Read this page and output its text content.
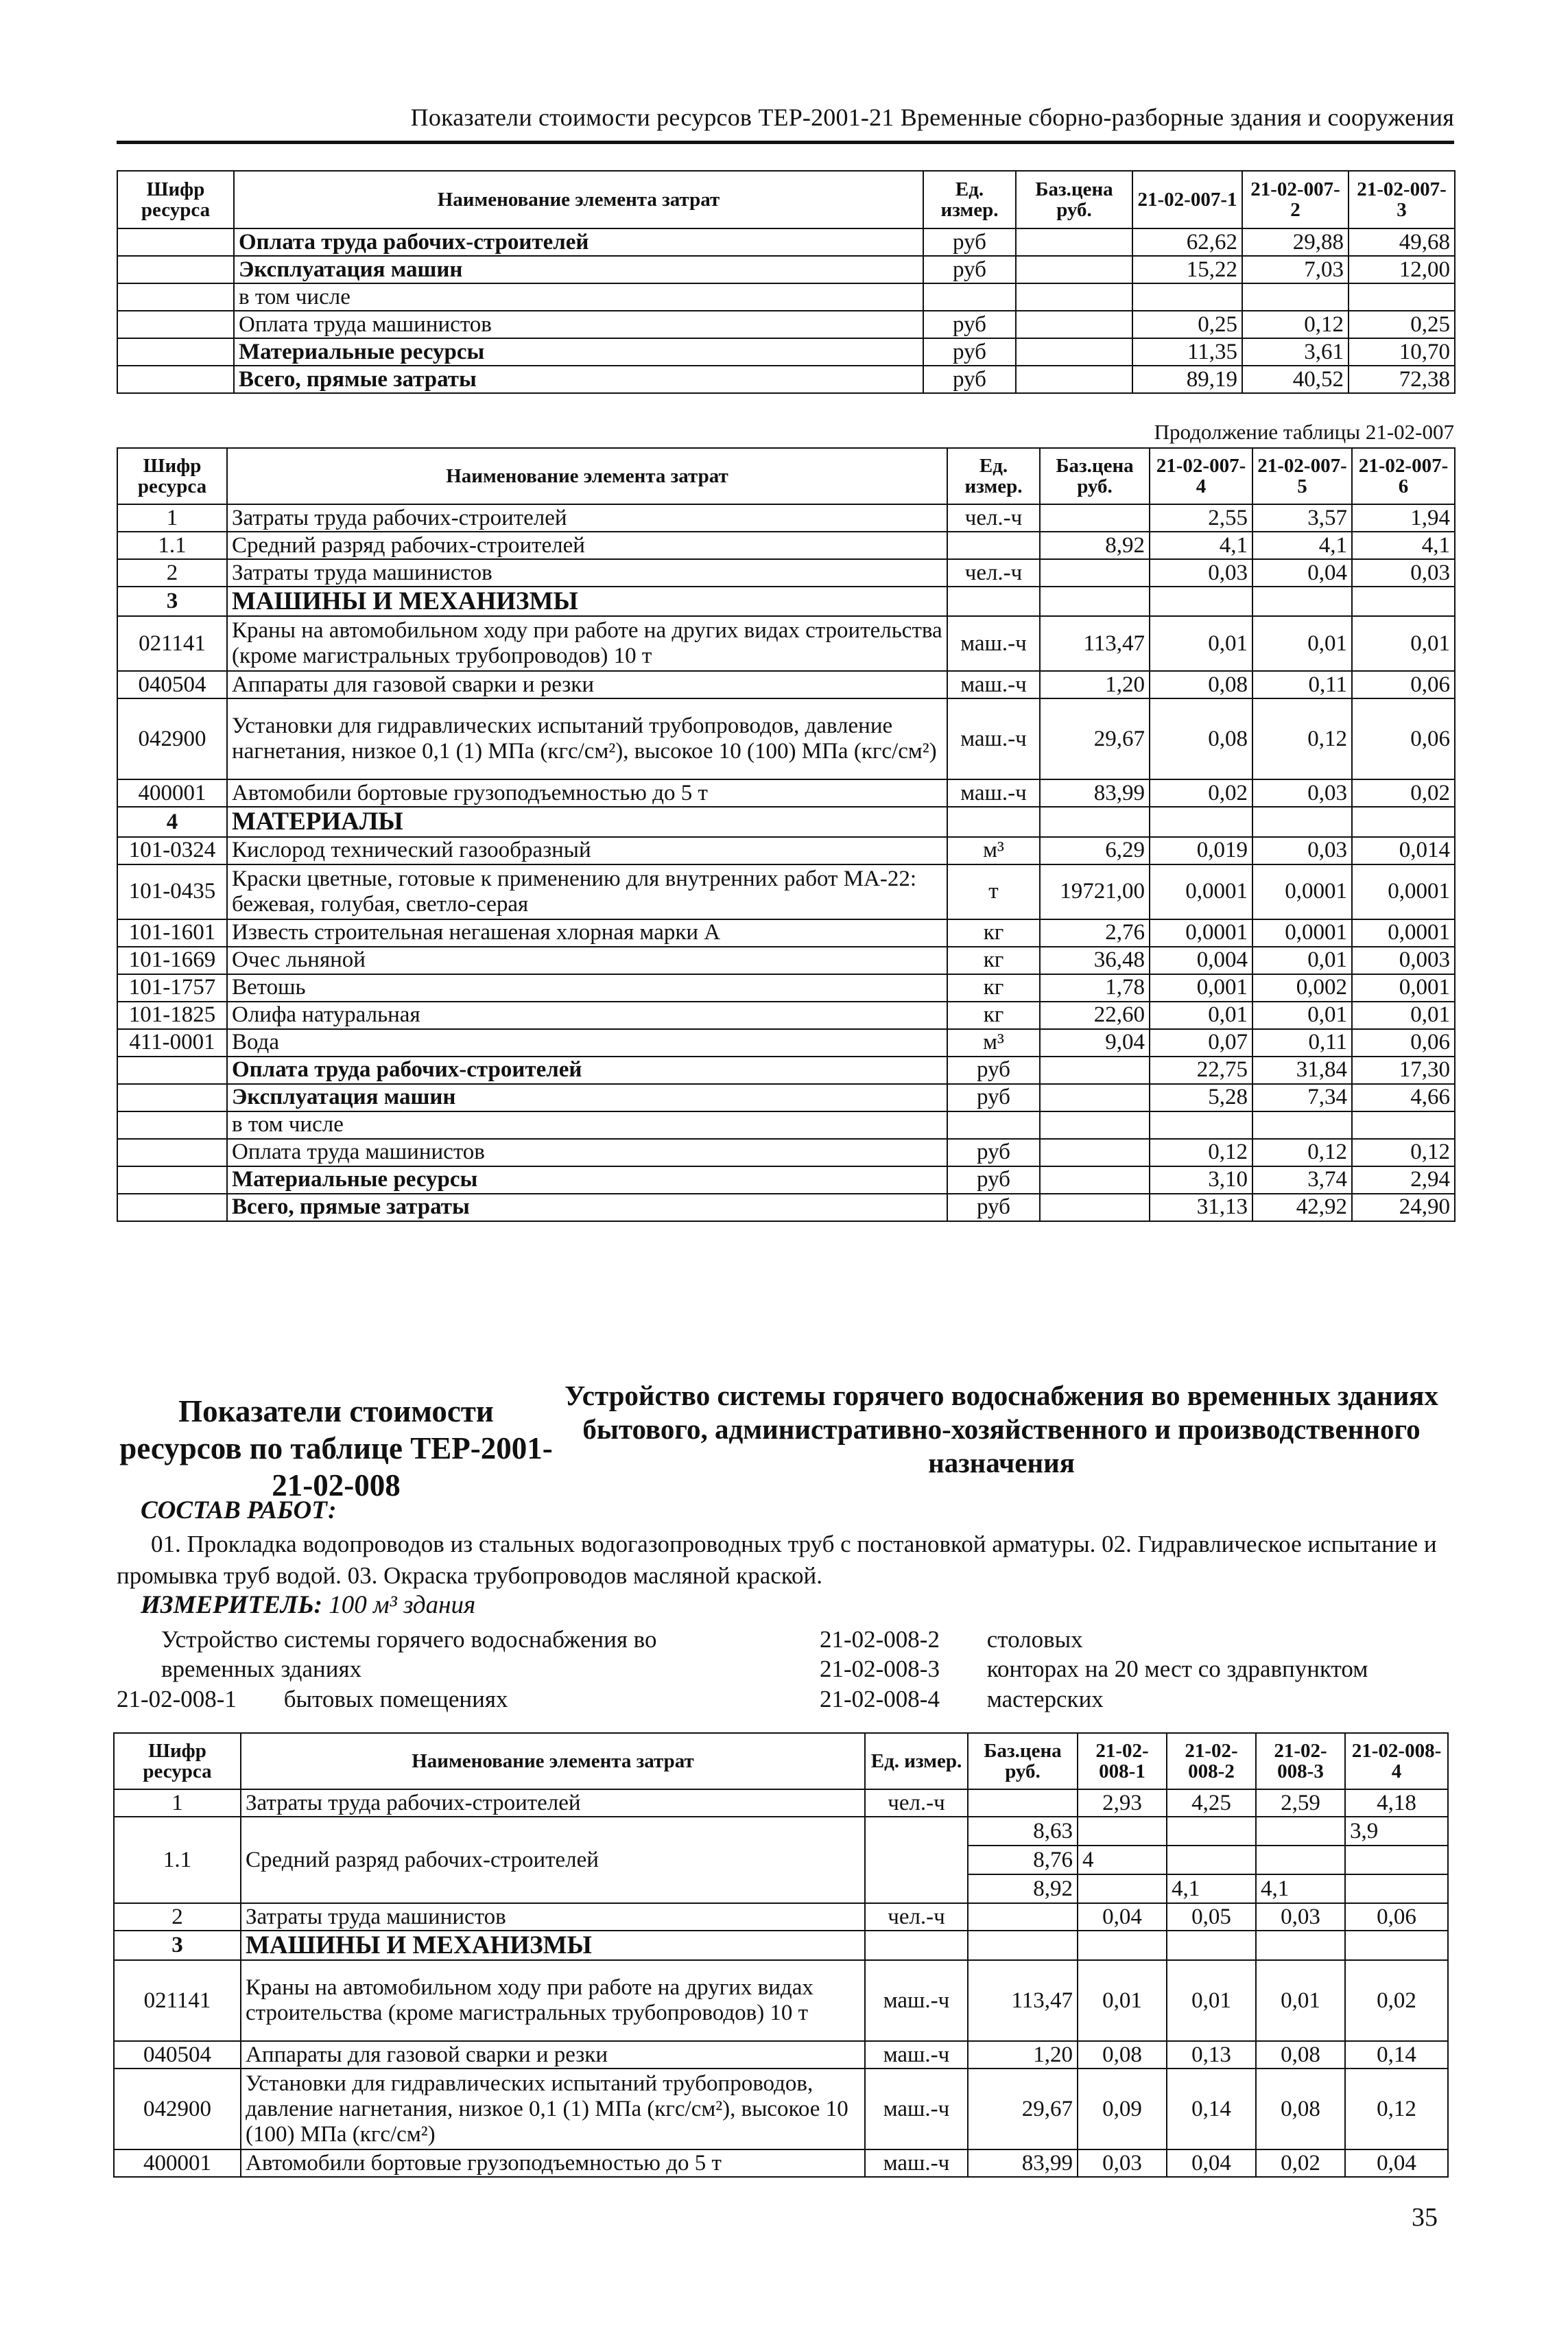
Показатели стоимости ресурсов ТЕР-2001-21 Временные сборно-разборные здания и сооружения
Шифр ресурса	Наименование элемента затрат	Ед. измер.	Баз.цена руб.	21-02-007-1	21-02-007-2	21-02-007-3
	Оплата труда рабочих-строителей	руб		62,62	29,88	49,68
	Эксплуатация машин	руб		15,22	7,03	12,00
	в том числе					
	Оплата труда машинистов	руб		0,25	0,12	0,25
	Материальные ресурсы	руб		11,35	3,61	10,70
	Всего, прямые затраты	руб		89,19	40,52	72,38
Продолжение таблицы 21-02-007
Шифр ресурса	Наименование элемента затрат	Ед. измер.	Баз.цена руб.	21-02-007-4	21-02-007-5	21-02-007-6
1	Затраты труда рабочих-строителей	чел.-ч		2,55	3,57	1,94
1.1	Средний разряд рабочих-строителей		8,92	4,1	4,1	4,1
2	Затраты труда машинистов	чел.-ч		0,03	0,04	0,03
3	МАШИНЫ И МЕХАНИЗМЫ					
021141	Краны на автомобильном ходу при работе на других видах строительства (кроме магистральных трубопроводов) 10 т	маш.-ч	113,47	0,01	0,01	0,01
040504	Аппараты для газовой сварки и резки	маш.-ч	1,20	0,08	0,11	0,06
042900	Установки для гидравлических испытаний трубопроводов, давление нагнетания, низкое 0,1 (1) МПа (кгс/см²), высокое 10 (100) МПа (кгс/см²)	маш.-ч	29,67	0,08	0,12	0,06
400001	Автомобили бортовые грузоподъемностью до 5 т	маш.-ч	83,99	0,02	0,03	0,02
4	МАТЕРИАЛЫ					
101-0324	Кислород технический газообразный	м³	6,29	0,019	0,03	0,014
101-0435	Краски цветные, готовые к применению для внутренних работ МА-22: бежевая, голубая, светло-серая	т	19721,00	0,0001	0,0001	0,0001
101-1601	Известь строительная негашеная хлорная марки А	кг	2,76	0,0001	0,0001	0,0001
101-1669	Очес льняной	кг	36,48	0,004	0,01	0,003
101-1757	Ветошь	кг	1,78	0,001	0,002	0,001
101-1825	Олифа натуральная	кг	22,60	0,01	0,01	0,01
411-0001	Вода	м³	9,04	0,07	0,11	0,06
	Оплата труда рабочих-строителей	руб		22,75	31,84	17,30
	Эксплуатация машин	руб		5,28	7,34	4,66
	в том числе					
	Оплата труда машинистов	руб		0,12	0,12	0,12
	Материальные ресурсы	руб		3,10	3,74	2,94
	Всего, прямые затраты	руб		31,13	42,92	24,90
Показатели стоимости ресурсов по таблице ТЕР-2001-21-02-008
Устройство системы горячего водоснабжения во временных зданиях бытового, административно-хозяйственного и производственного назначения
СОСТАВ РАБОТ:
01. Прокладка водопроводов из стальных водогазопроводных труб с постановкой арматуры. 02. Гидравлическое испытание и промывка труб водой. 03. Окраска трубопроводов масляной краской.
ИЗМЕРИТЕЛЬ: 100 м³ здания
Устройство системы горячего водоснабжения во
временных зданиях
21-02-008-1 бытовых помещениях
21-02-008-2 столовых
21-02-008-3 конторах на 20 мест со здравпунктом
21-02-008-4 мастерских
Шифр ресурса	Наименование элемента затрат	Ед. измер.	Баз.цена руб.	21-02-008-1	21-02-008-2	21-02-008-3	21-02-008-4
1	Затраты труда рабочих-строителей	чел.-ч		2,93	4,25	2,59	4,18
1.1	Средний разряд рабочих-строителей		8,63				3,9
			8,76	4			
			8,92		4,1	4,1	
2	Затраты труда машинистов	чел.-ч		0,04	0,05	0,03	0,06
3	МАШИНЫ И МЕХАНИЗМЫ						
021141	Краны на автомобильном ходу при работе на других видах строительства (кроме магистральных трубопроводов) 10 т	маш.-ч	113,47	0,01	0,01	0,01	0,02
040504	Аппараты для газовой сварки и резки	маш.-ч	1,20	0,08	0,13	0,08	0,14
042900	Установки для гидравлических испытаний трубопроводов, давление нагнетания, низкое 0,1 (1) МПа (кгс/см²), высокое 10 (100) МПа (кгс/см²)	маш.-ч	29,67	0,09	0,14	0,08	0,12
400001	Автомобили бортовые грузоподъемностью до 5 т	маш.-ч	83,99	0,03	0,04	0,02	0,04
35
